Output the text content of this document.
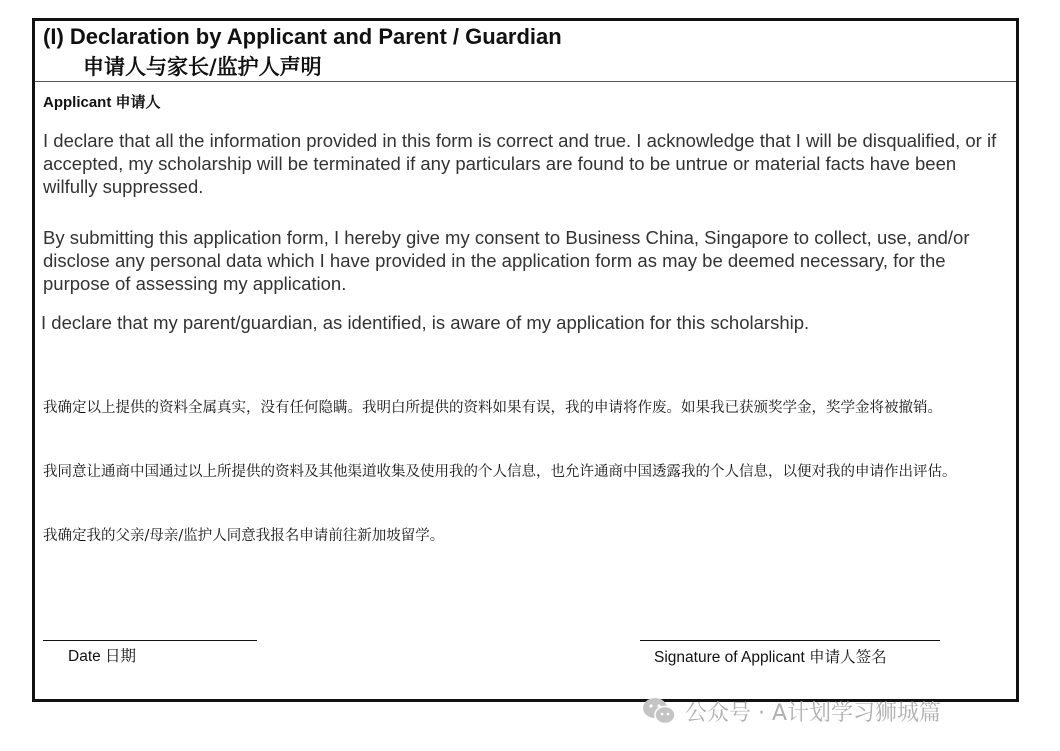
(I) Declaration by Applicant and Parent / Guardian
申请人与家长/监护人声明
Applicant 申请人
I declare that all the information provided in this form is correct and true. I acknowledge that I will be disqualified, or if accepted, my scholarship will be terminated if any particulars are found to be untrue or material facts have been wilfully suppressed.
By submitting this application form, I hereby give my consent to Business China, Singapore to collect, use, and/or disclose any personal data which I have provided in the application form as may be deemed necessary, for the purpose of assessing my application.
I declare that my parent/guardian, as identified, is aware of my application for this scholarship.
我确定以上提供的资料全属真实，没有任何隐瞒。我明白所提供的资料如果有误，我的申请将作废。如果我已获颁奖学金，奖学金将被撤销。
我同意让通商中国通过以上所提供的资料及其他渠道收集及使用我的个人信息，也允许通商中国透露我的个人信息，以便对我的申请作出评估。
我确定我的父亲/母亲/监护人同意我报名申请前往新加坡留学。
Date 日期	Signature of Applicant 申请人签名
公众号 · A计划学习狮城篇
